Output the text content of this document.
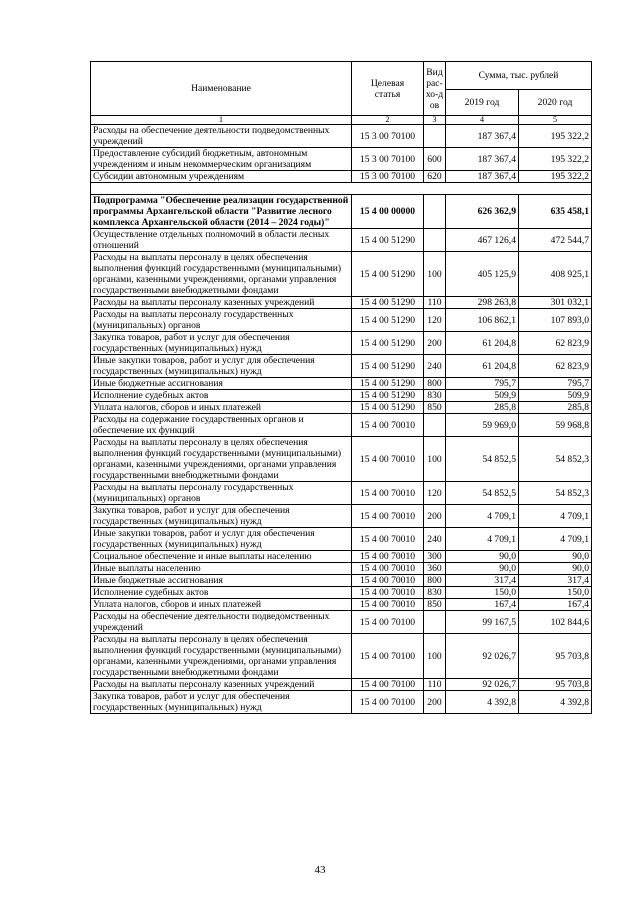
Наименование	Целевая статья	Вид рас-хо-дов	Сумма, тыс. рублей	
			2019 год	2020 год
1	2	3	4	5
Расходы на обеспечение деятельности подведомственных учреждений	15 3 00 70100		187 367,4	195 322,2
Предоставление субсидий бюджетным, автономным учреждениям и иным некоммерческим организациям	15 3 00 70100	600	187 367,4	195 322,2
Субсидии автономным учреждениям	15 3 00 70100	620	187 367,4	195 322,2

Подпрограмма "Обеспечение реализации государственной программы Архангельской области "Развитие лесного комплекса Архангельской области (2014 – 2024 годы)"	15 4 00 00000		626 362,9	635 458,1
Осуществление отдельных полномочий в области лесных отношений	15 4 00 51290		467 126,4	472 544,7
Расходы на выплаты персоналу в целях обеспечения выполнения функций государственными (муниципальными) органами, казенными учреждениями, органами управления государственными внебюджетными фондами	15 4 00 51290	100	405 125,9	408 925,1
Расходы на выплаты персоналу казенных учреждений	15 4 00 51290	110	298 263,8	301 032,1
Расходы на выплаты персоналу государственных (муниципальных) органов	15 4 00 51290	120	106 862,1	107 893,0
Закупка товаров, работ и услуг для обеспечения государственных (муниципальных) нужд	15 4 00 51290	200	61 204,8	62 823,9
Иные закупки товаров, работ и услуг для обеспечения государственных (муниципальных) нужд	15 4 00 51290	240	61 204,8	62 823,9
Иные бюджетные ассигнования	15 4 00 51290	800	795,7	795,7
Исполнение судебных актов	15 4 00 51290	830	509,9	509,9
Уплата налогов, сборов и иных платежей	15 4 00 51290	850	285,8	285,8
Расходы на содержание государственных органов и обеспечение их функций	15 4 00 70010		59 969,0	59 968,8
Расходы на выплаты персоналу в целях обеспечения выполнения функций государственными (муниципальными) органами, казенными учреждениями, органами управления государственными внебюджетными фондами	15 4 00 70010	100	54 852,5	54 852,3
Расходы на выплаты персоналу государственных (муниципальных) органов	15 4 00 70010	120	54 852,5	54 852,3
Закупка товаров, работ и услуг для обеспечения государственных (муниципальных) нужд	15 4 00 70010	200	4 709,1	4 709,1
Иные закупки товаров, работ и услуг для обеспечения государственных (муниципальных) нужд	15 4 00 70010	240	4 709,1	4 709,1
Социальное обеспечение и иные выплаты населению	15 4 00 70010	300	90,0	90,0
Иные выплаты населению	15 4 00 70010	360	90,0	90,0
Иные бюджетные ассигнования	15 4 00 70010	800	317,4	317,4
Исполнение судебных актов	15 4 00 70010	830	150,0	150,0
Уплата налогов, сборов и иных платежей	15 4 00 70010	850	167,4	167,4
Расходы на обеспечение деятельности подведомственных учреждений	15 4 00 70100		99 167,5	102 844,6
Расходы на выплаты персоналу в целях обеспечения выполнения функций государственными (муниципальными) органами, казенными учреждениями, органами управления государственными внебюджетными фондами	15 4 00 70100	100	92 026,7	95 703,8
Расходы на выплаты персоналу казенных учреждений	15 4 00 70100	110	92 026,7	95 703,8
Закупка товаров, работ и услуг для обеспечения государственных (муниципальных) нужд	15 4 00 70100	200	4 392,8	4 392,8
43
